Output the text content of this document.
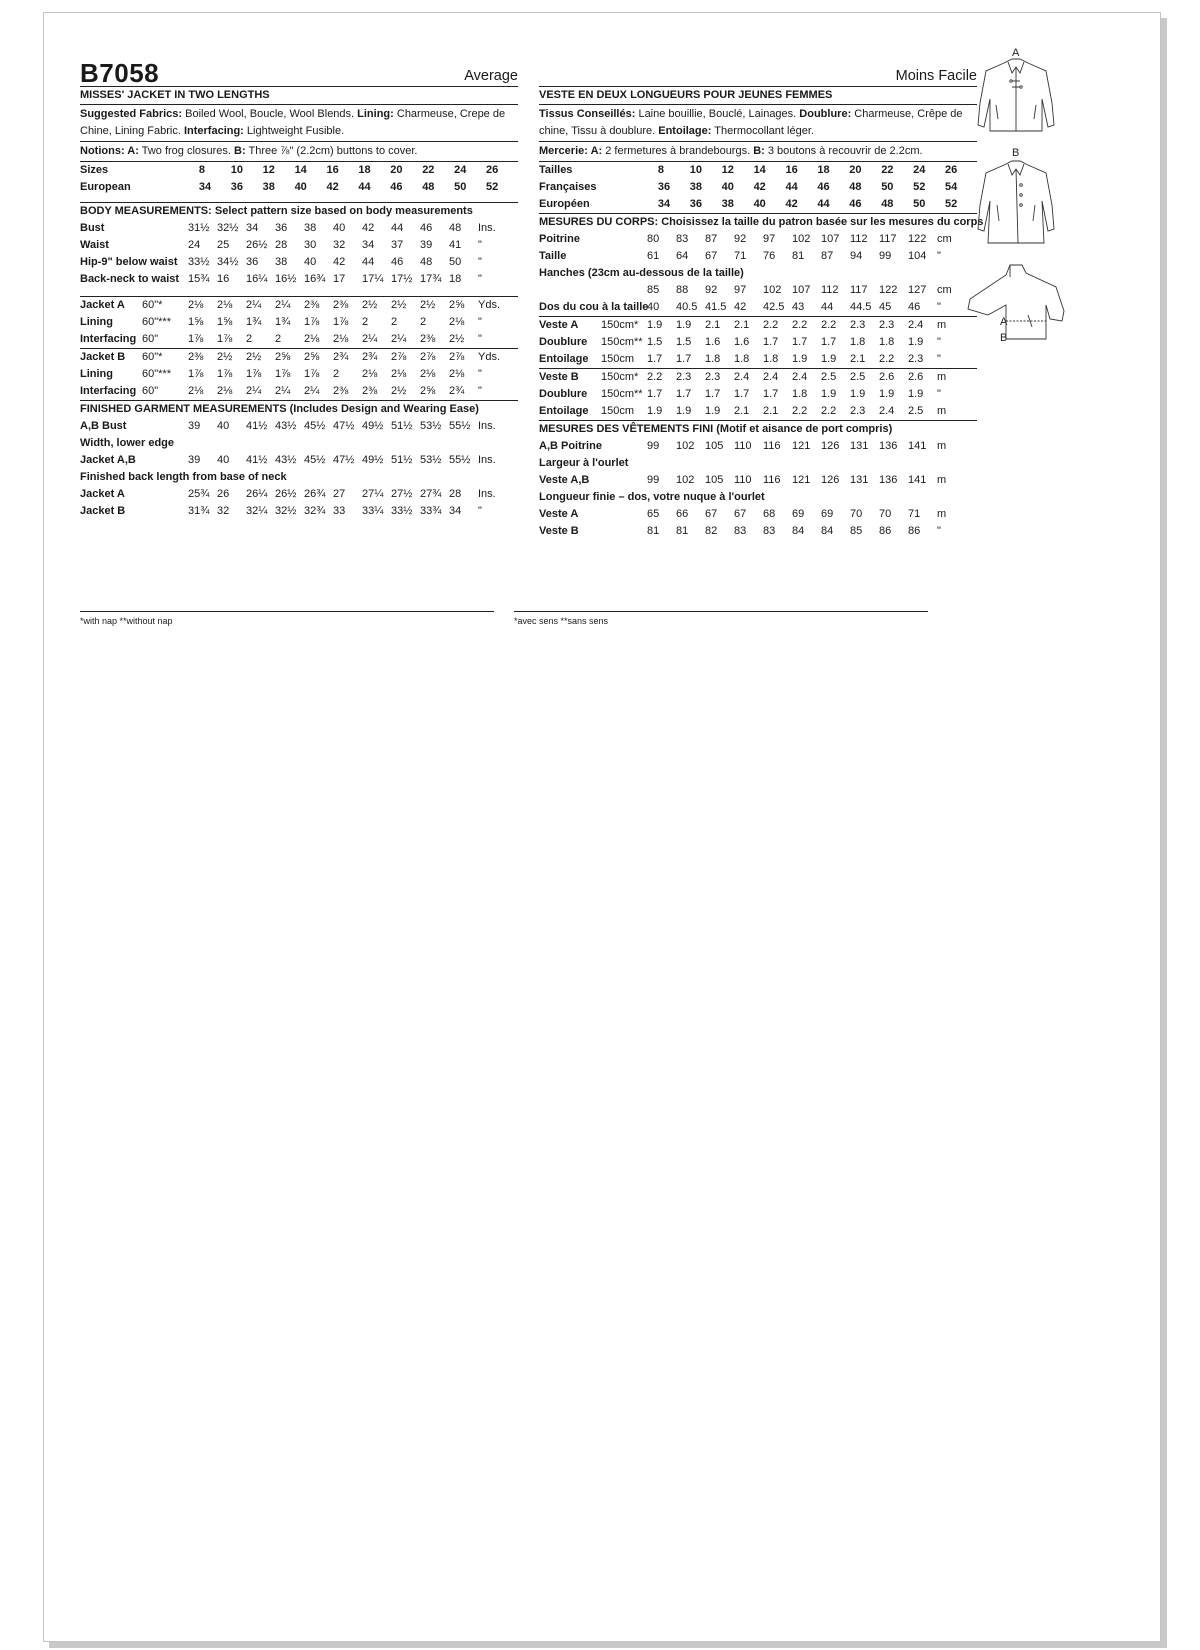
B7058	Average
MISSES' JACKET IN TWO LENGTHS
Suggested Fabrics: Boiled Wool, Boucle, Wool Blends. Lining: Charmeuse, Crepe de Chine, Lining Fabric. Interfacing: Lightweight Fusible.
Notions: A: Two frog closures. B: Three ⅞" (2.2cm) buttons to cover.
Sizes	8	10	12	14	16	18	20	22	24	26
European	34	36	38	40	42	44	46	48	50	52
BODY MEASUREMENTS: Select pattern size based on body measurements
Bust	31½	32½	34	36	38	40	42	44	46	48	Ins.
Waist	24	25	26½	28	30	32	34	37	39	41	"
Hip-9" below waist	33½	34½	36	38	40	42	44	46	48	50	"
Back-neck to waist	15¾	16	16¼	16½	16¾	17	17¼	17½	17¾	18	"
Jacket A	60"*	2⅛	2⅛	2¼	2¼	2⅜	2⅜	2½	2½	2½	2⅝	Yds.
Lining	60"***	1⅝	1⅝	1¾	1¾	1⅞	1⅞	2	2	2	2⅛	"
Interfacing	60"	1⅞	1⅞	2	2	2⅛	2⅛	2¼	2¼	2⅜	2½	"
Jacket B	60"*	2⅜	2½	2½	2⅝	2⅝	2¾	2¾	2⅞	2⅞	2⅞	Yds.
Lining	60"***	1⅞	1⅞	1⅞	1⅞	1⅞	2	2⅛	2⅛	2⅛	2⅛	"
Interfacing	60"	2⅛	2⅛	2¼	2¼	2¼	2⅜	2⅜	2½	2⅝	2¾	"
FINISHED GARMENT MEASUREMENTS (Includes Design and Wearing Ease)
A,B Bust	39	40	41½	43½	45½	47½	49½	51½	53½	55½	Ins.
Width, lower edge											
Jacket A,B	39	40	41½	43½	45½	47½	49½	51½	53½	55½	Ins.
Finished back length from base of neck											
Jacket A	25¾	26	26¼	26½	26¾	27	27¼	27½	27¾	28	Ins.
Jacket B	31¾	32	32¼	32½	32¾	33	33¼	33½	33¾	34	"
Moins Facile
VESTE EN DEUX LONGUEURS POUR JEUNES FEMMES
Tissus Conseillés: Laine bouillie, Bouclé, Lainages. Doublure: Charmeuse, Crêpe de chine, Tissu à doublure. Entoilage: Thermocollant léger.
Mercerie: A: 2 fermetures à brandebourgs. B: 3 boutons à recouvrir de 2.2cm.
Tailles	8	10	12	14	16	18	20	22	24	26
Françaises	36	38	40	42	44	46	48	50	52	54
Européen	34	36	38	40	42	44	46	48	50	52
MESURES DU CORPS: Choisissez la taille du patron basée sur les mesures du corps
Poitrine	80	83	87	92	97	102	107	112	117	122	cm
Taille	61	64	67	71	76	81	87	94	99	104	"
Hanches (23cm au-dessous de la taille)											
	85	88	92	97	102	107	112	117	122	127	cm
Dos du cou à la taille	40	40.5	41.5	42	42.5	43	44	44.5	45	46	"
Veste A	150cm*	1.9	1.9	2.1	2.1	2.2	2.2	2.2	2.3	2.3	2.4	m
Doublure	150cm**	1.5	1.5	1.6	1.6	1.7	1.7	1.7	1.8	1.8	1.9	"
Entoilage	150cm	1.7	1.7	1.8	1.8	1.8	1.9	1.9	2.1	2.2	2.3	"
Veste B	150cm*	2.2	2.3	2.3	2.4	2.4	2.4	2.5	2.5	2.6	2.6	m
Doublure	150cm**	1.7	1.7	1.7	1.7	1.7	1.8	1.9	1.9	1.9	1.9	"
Entoilage	150cm	1.9	1.9	1.9	2.1	2.1	2.2	2.2	2.3	2.4	2.5	m
MESURES DES VÊTEMENTS FINI (Motif et aisance de port compris)
A,B Poitrine	99	102	105	110	116	121	126	131	136	141	m
Largeur à l'ourlet											
Veste A,B	99	102	105	110	116	121	126	131	136	141	m
Longueur finie – dos, votre nuque à l'ourlet											
Veste A	65	66	67	67	68	69	69	70	70	71	m
Veste B	81	81	82	83	83	84	84	85	86	86	"
*with nap **without nap	*avec sens **sans sens
A
B
A
B
